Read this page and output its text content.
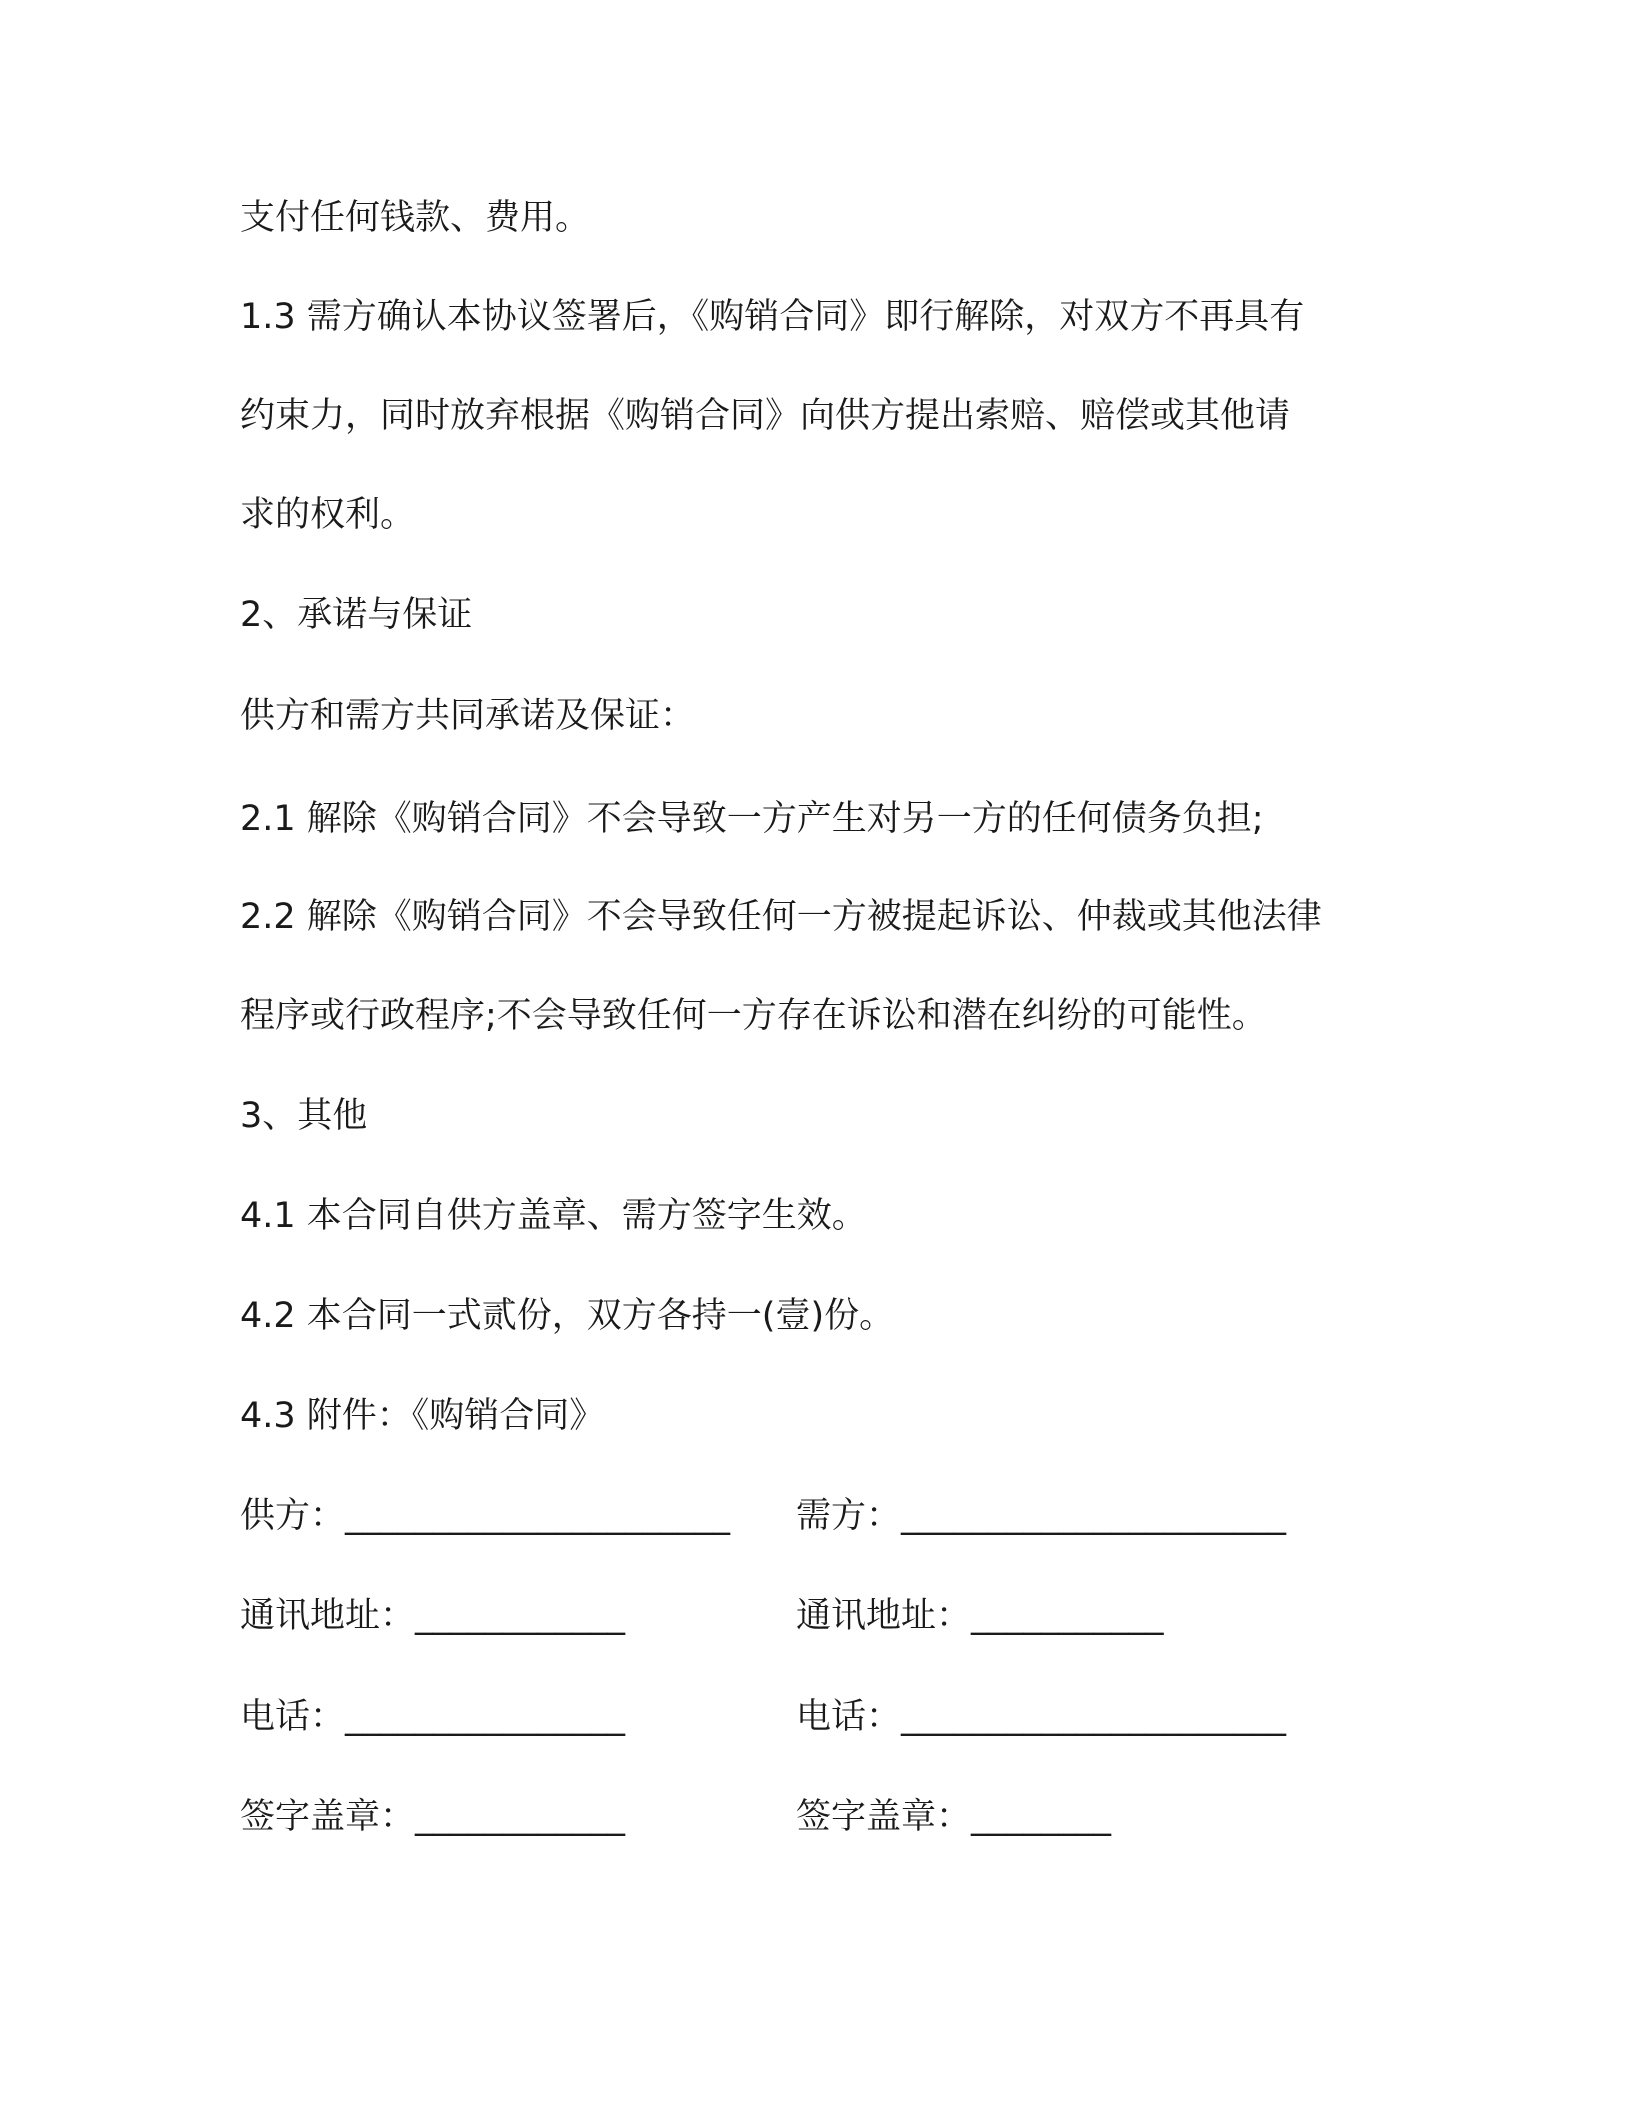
支付任何钱款、费用。
1.3 需方确认本协议签署后，《购销合同》即行解除，对双方不再具有
约束力，同时放弃根据《购销合同》向供方提出索赔、赔偿或其他请
求的权利。
2、承诺与保证
供方和需方共同承诺及保证：
2.1 解除《购销合同》不会导致一方产生对另一方的任何债务负担;
2.2 解除《购销合同》不会导致任何一方被提起诉讼、仲裁或其他法律
程序或行政程序;不会导致任何一方存在诉讼和潜在纠纷的可能性。
3、其他
4.1 本合同自供方盖章、需方签字生效。
4.2 本合同一式贰份，双方各持一(壹)份。
4.3 附件：《购销合同》
供方：______________________ 需方：______________________
通讯地址：____________	通讯地址：___________
电话：________________	电话：______________________
签字盖章：____________	签字盖章：________
